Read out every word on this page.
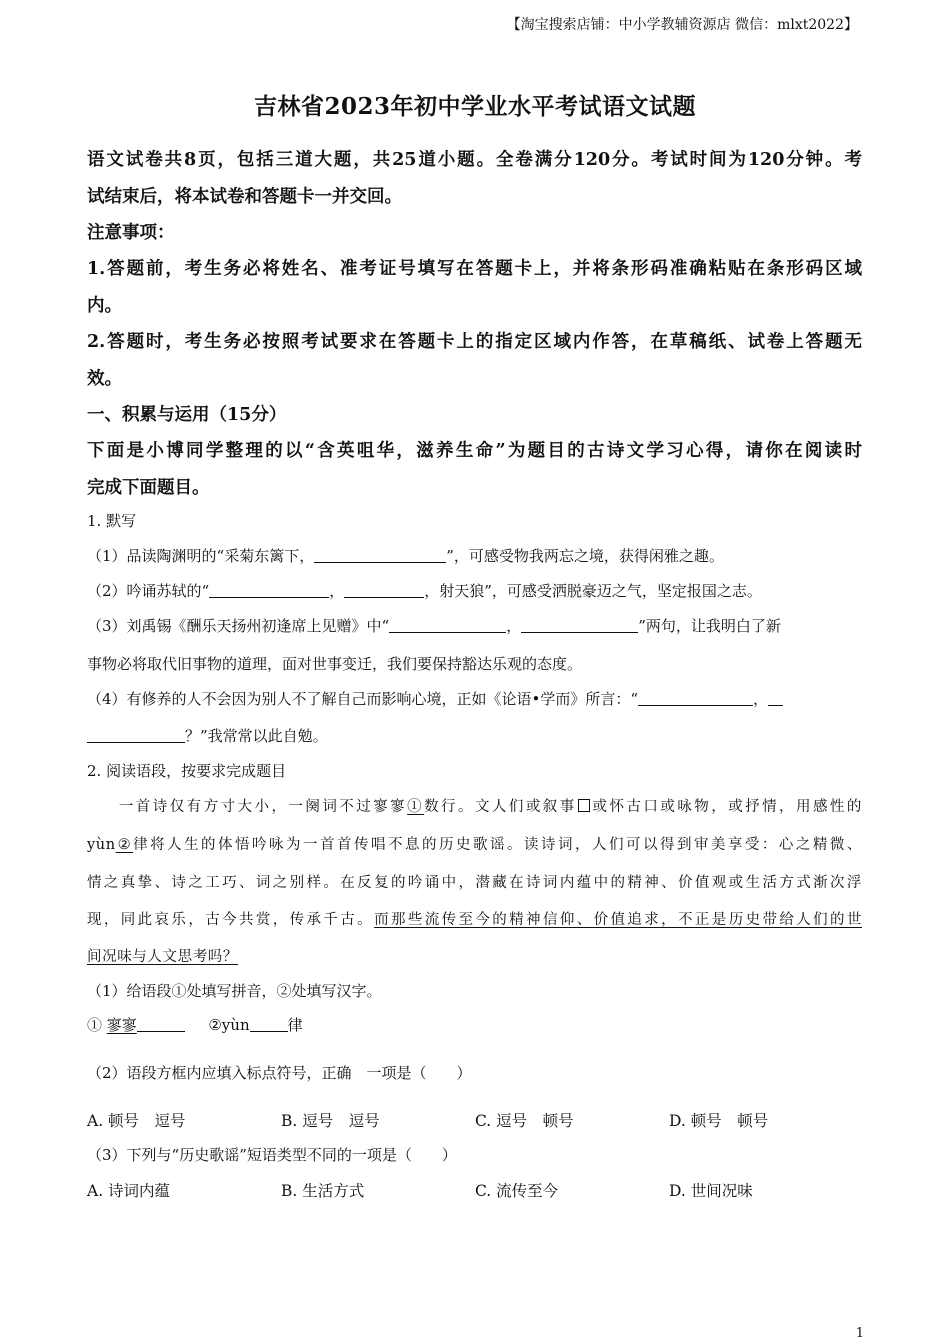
【淘宝搜索店铺：中小学教辅资源店 微信：mlxt2022】
吉林省2023年初中学业水平考试语文试题
语文试卷共8页，包括三道大题，共25道小题。全卷满分120分。考试时间为120分钟。考
试结束后，将本试卷和答题卡一并交回。
注意事项：
1.答题前，考生务必将姓名、准考证号填写在答题卡上，并将条形码准确粘贴在条形码区域
内。
2.答题时，考生务必按照考试要求在答题卡上的指定区域内作答，在草稿纸、试卷上答题无
效。
一、积累与运用（15分）
下面是小博同学整理的以“含英咀华，滋养生命”为题目的古诗文学习心得，请你在阅读时
完成下面题目。
1. 默写
（1）品读陶渊明的“采菊东篱下，	”，可感受物我两忘之境，获得闲雅之趣。
（2）吟诵苏轼的“	，	，射天狼”，可感受洒脱豪迈之气，坚定报国之志。
（3）刘禹锡《酬乐天扬州初逢席上见赠》中“	，	”两句，让我明白了新
事物必将取代旧事物的道理，面对世事变迁，我们要保持豁达乐观的态度。
（4）有修养的人不会因为别人不了解自己而影响心境，正如《论语•学而》所言：“	，
？”我常常以此自勉。
2. 阅读语段，按要求完成题目
一首诗仅有方寸大小，一阕词不过寥寥①数行。文人们或叙事 或怀古口或咏物，或抒情，用感性的
yùn②律将人生的体悟吟咏为一首首传唱不息的历史歌谣。读诗词，人们可以得到审美享受：心之精微、
情之真挚、诗之工巧、词之别样。在反复的吟诵中，潜藏在诗词内蕴中的精神、价值观或生活方式渐次浮
现，同此哀乐，古今共赏，传承千古。而那些流传至今的精神信仰、价值追求，不正是历史带给人们的世
间况味与人文思考吗？
（1）给语段①处填写拼音，②处填写汉字。
① 寥寥	②yùn	律
（2）语段方框内应填入标点符号，正确　一项是（　　）
A. 顿号　逗号	B. 逗号　逗号	C. 逗号　顿号	D. 顿号　顿号
（3）下列与“历史歌谣”短语类型不同的一项是（　　）
A. 诗词内蕴	B. 生活方式	C. 流传至今	D. 世间况味
1
